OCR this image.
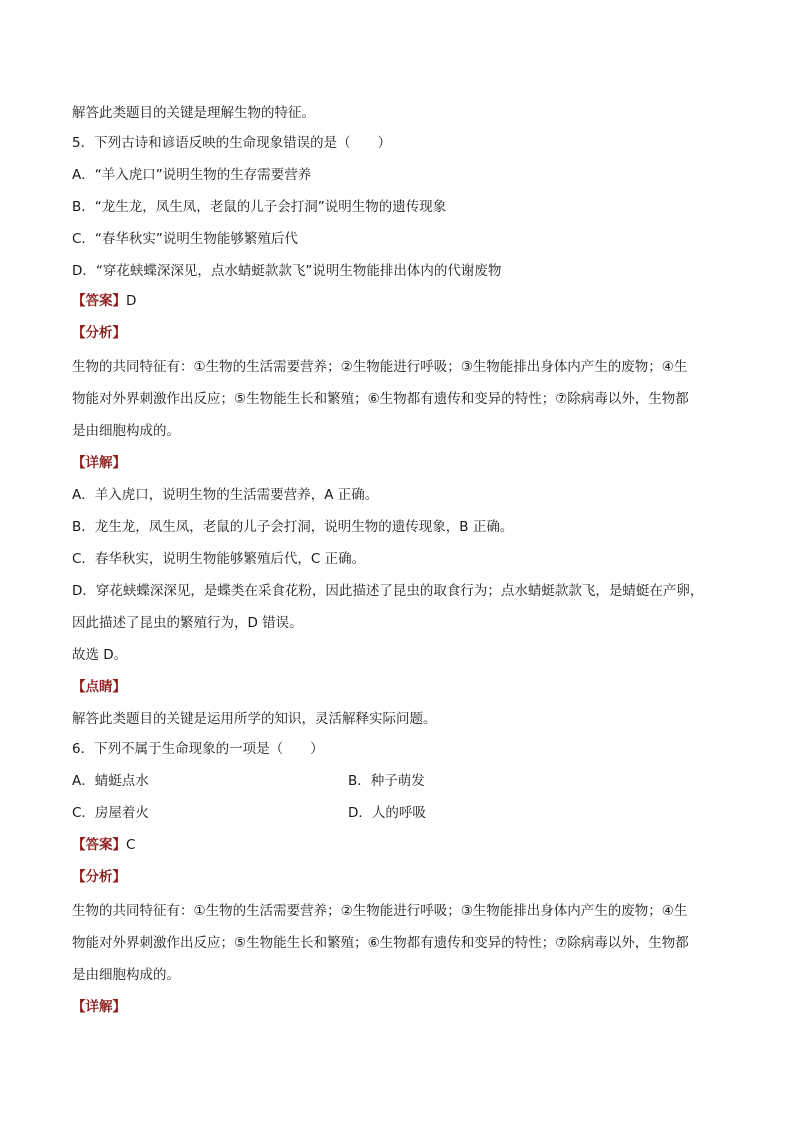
解答此类题目的关键是理解生物的特征。
5．下列古诗和谚语反映的生命现象错误的是（　　）
A．“羊入虎口”说明生物的生存需要营养
B．“龙生龙，凤生凤，老鼠的儿子会打洞”说明生物的遗传现象
C．“春华秋实”说明生物能够繁殖后代
D．“穿花蛱蝶深深见，点水蜻蜓款款飞”说明生物能排出体内的代谢废物
【答案】D
【分析】
生物的共同特征有：①生物的生活需要营养；②生物能进行呼吸；③生物能排出身体内产生的废物；④生
物能对外界刺激作出反应；⑤生物能生长和繁殖；⑥生物都有遗传和变异的特性；⑦除病毒以外，生物都
是由细胞构成的。
【详解】
A．羊入虎口，说明生物的生活需要营养，A 正确。
B．龙生龙，凤生凤，老鼠的儿子会打洞，说明生物的遗传现象，B 正确。
C．春华秋实，说明生物能够繁殖后代，C 正确。
D．穿花蛱蝶深深见，是蝶类在采食花粉，因此描述了昆虫的取食行为；点水蜻蜓款款飞，是蜻蜓在产卵，
因此描述了昆虫的繁殖行为，D 错误。
故选 D。
【点睛】
解答此类题目的关键是运用所学的知识，灵活解释实际问题。
6．下列不属于生命现象的一项是（　　）
A．蜻蜓点水	B．种子萌发
C．房屋着火	D．人的呼吸
【答案】C
【分析】
生物的共同特征有：①生物的生活需要营养；②生物能进行呼吸；③生物能排出身体内产生的废物；④生
物能对外界刺激作出反应；⑤生物能生长和繁殖；⑥生物都有遗传和变异的特性；⑦除病毒以外，生物都
是由细胞构成的。
【详解】
